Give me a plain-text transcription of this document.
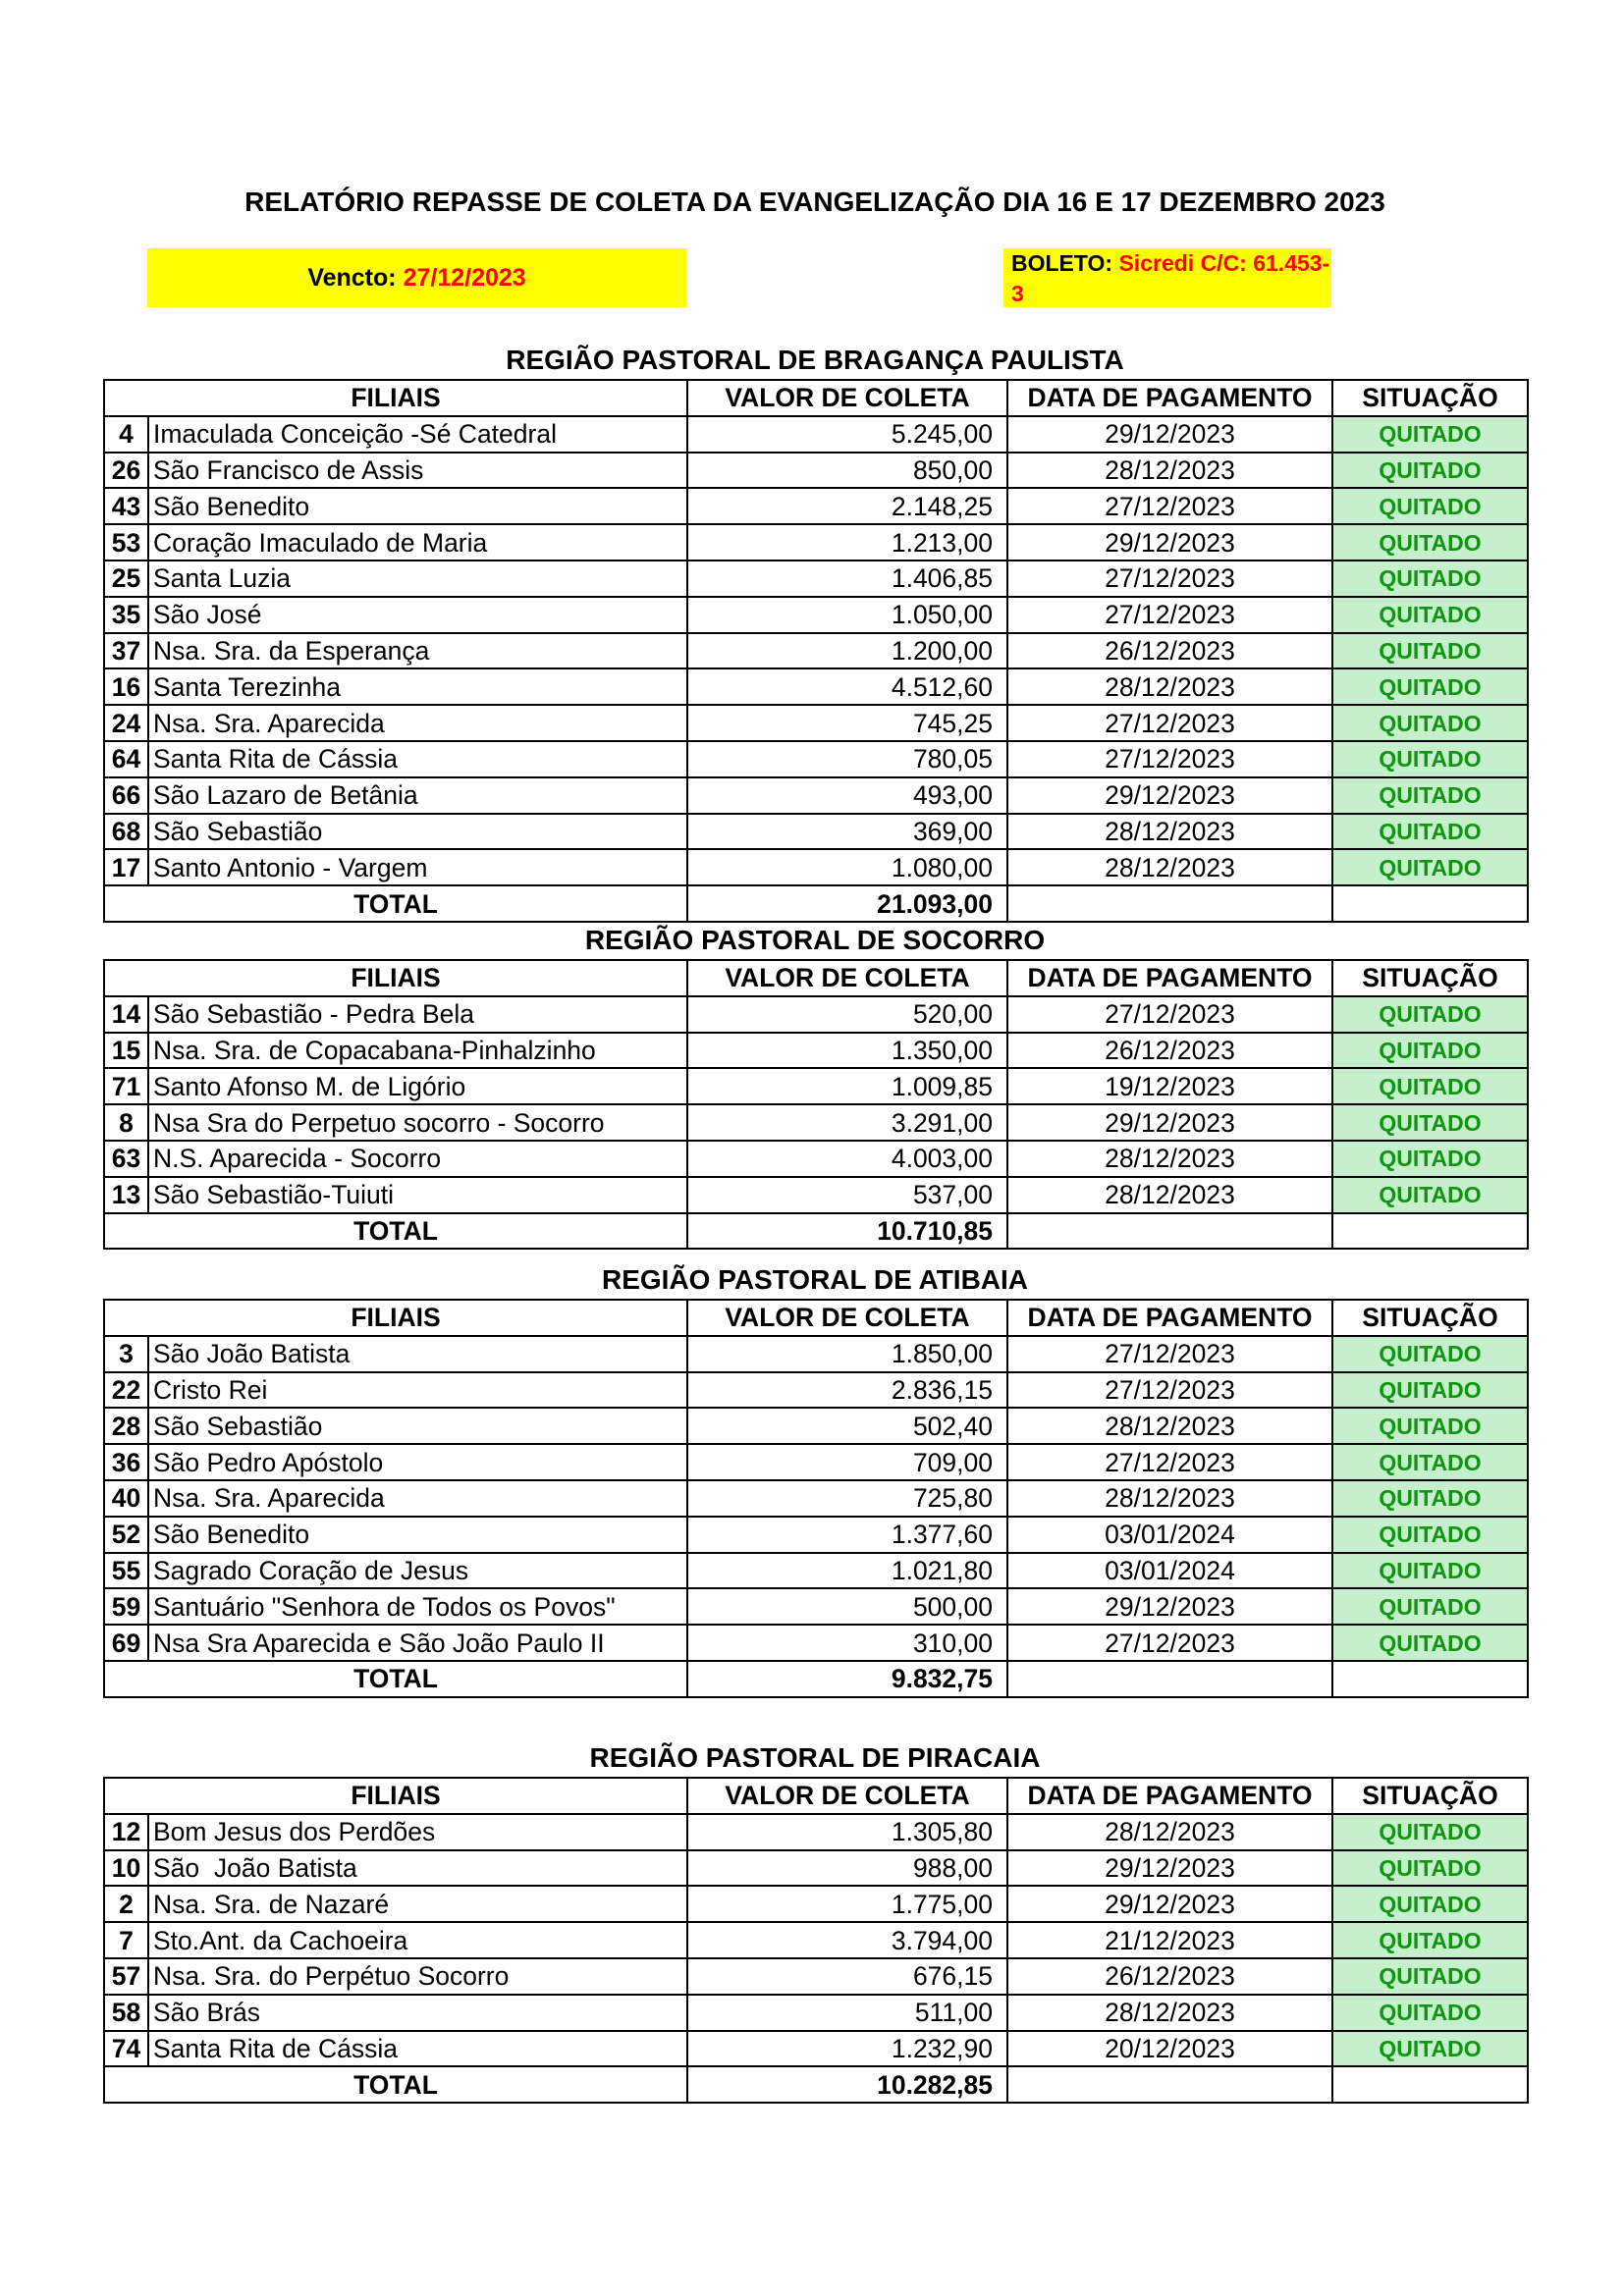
RELATÓRIO REPASSE DE COLETA DA EVANGELIZAÇÃO DIA 16 E 17 DEZEMBRO 2023
Vencto:
27/12/2023
BOLETO: Sicredi C/C: 61.453-
3
REGIÃO PASTORAL DE BRAGANÇA PAULISTA
FILIAIS		VALOR DE COLETA	DATA DE PAGAMENTO	SITUAÇÃO
4	Imaculada Conceição -Sé Catedral	5.245,00	29/12/2023	QUITADO
26	São Francisco de Assis	850,00	28/12/2023	QUITADO
43	São Benedito	2.148,25	27/12/2023	QUITADO
53	Coração Imaculado de Maria	1.213,00	29/12/2023	QUITADO
25	Santa Luzia	1.406,85	27/12/2023	QUITADO
35	São José	1.050,00	27/12/2023	QUITADO
37	Nsa. Sra. da Esperança	1.200,00	26/12/2023	QUITADO
16	Santa Terezinha	4.512,60	28/12/2023	QUITADO
24	Nsa. Sra. Aparecida	745,25	27/12/2023	QUITADO
64	Santa Rita de Cássia	780,05	27/12/2023	QUITADO
66	São Lazaro de Betânia	493,00	29/12/2023	QUITADO
68	São Sebastião	369,00	28/12/2023	QUITADO
17	Santo Antonio - Vargem	1.080,00	28/12/2023	QUITADO
TOTAL		21.093,00		
REGIÃO PASTORAL DE SOCORRO
FILIAIS		VALOR DE COLETA	DATA DE PAGAMENTO	SITUAÇÃO
14	São Sebastião - Pedra Bela	520,00	27/12/2023	QUITADO
15	Nsa. Sra. de Copacabana-Pinhalzinho	1.350,00	26/12/2023	QUITADO
71	Santo Afonso M. de Ligório	1.009,85	19/12/2023	QUITADO
8	Nsa Sra do Perpetuo socorro - Socorro	3.291,00	29/12/2023	QUITADO
63	N.S. Aparecida - Socorro	4.003,00	28/12/2023	QUITADO
13	São Sebastião-Tuiuti	537,00	28/12/2023	QUITADO
TOTAL		10.710,85		
REGIÃO PASTORAL DE ATIBAIA
FILIAIS		VALOR DE COLETA	DATA DE PAGAMENTO	SITUAÇÃO
3	São João Batista	1.850,00	27/12/2023	QUITADO
22	Cristo Rei	2.836,15	27/12/2023	QUITADO
28	São Sebastião	502,40	28/12/2023	QUITADO
36	São Pedro Apóstolo	709,00	27/12/2023	QUITADO
40	Nsa. Sra. Aparecida	725,80	28/12/2023	QUITADO
52	São Benedito	1.377,60	03/01/2024	QUITADO
55	Sagrado Coração de Jesus	1.021,80	03/01/2024	QUITADO
59	Santuário "Senhora de Todos os Povos"	500,00	29/12/2023	QUITADO
69	Nsa Sra Aparecida e São João Paulo II	310,00	27/12/2023	QUITADO
TOTAL		9.832,75		
REGIÃO PASTORAL DE PIRACAIA
FILIAIS		VALOR DE COLETA	DATA DE PAGAMENTO	SITUAÇÃO
12	Bom Jesus dos Perdões	1.305,80	28/12/2023	QUITADO
10	São  João Batista	988,00	29/12/2023	QUITADO
2	Nsa. Sra. de Nazaré	1.775,00	29/12/2023	QUITADO
7	Sto.Ant. da Cachoeira	3.794,00	21/12/2023	QUITADO
57	Nsa. Sra. do Perpétuo Socorro	676,15	26/12/2023	QUITADO
58	São Brás	511,00	28/12/2023	QUITADO
74	Santa Rita de Cássia	1.232,90	20/12/2023	QUITADO
TOTAL		10.282,85		
